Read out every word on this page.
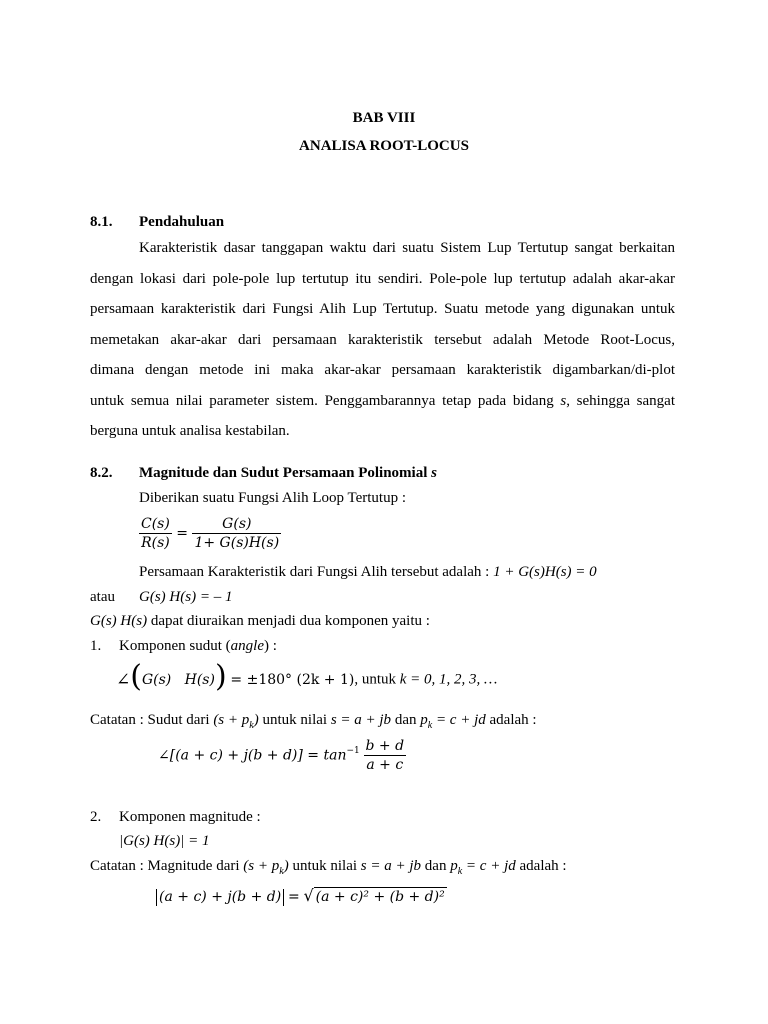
BAB VIII
ANALISA ROOT-LOCUS
8.1. Pendahuluan
Karakteristik dasar tanggapan waktu dari suatu Sistem Lup Tertutup sangat berkaitan
dengan lokasi dari pole-pole lup tertutup itu sendiri. Pole-pole lup tertutup adalah akar-akar
persamaan karakteristik dari Fungsi Alih Lup Tertutup. Suatu metode yang digunakan untuk
memetakan akar-akar dari persamaan karakteristik tersebut adalah Metode Root-Locus,
dimana dengan metode ini maka akar-akar persamaan karakteristik digambarkan/di-plot
untuk semua nilai parameter sistem. Penggambarannya tetap pada bidang s, sehingga sangat
berguna untuk analisa kestabilan.
8.2. Magnitude dan Sudut Persamaan Polinomial s
Diberikan suatu Fungsi Alih Loop Tertutup :
$\frac{C(s)}{R(s)} = \frac{G(s)}{1+ G(s)H(s)}$
Persamaan Karakteristik dari Fungsi Alih tersebut adalah : 1 + G(s)H(s) = 0
atau G(s) H(s) = – 1
G(s) H(s) dapat diuraikan menjadi dua komponen yaitu :
1. Komponen sudut (angle) :
∠(G(s)   H(s)) = ±180° (2k + 1), untuk k = 0, 1, 2, 3, …
Catatan : Sudut dari $(s + p_k)$ untuk nilai s = a + jb dan $p_k = c$ + jd adalah :
∠[(a + $c) + j(b + d)] = \tan^{-1} \frac{b + d}{a + c}$
2. Komponen magnitude :
|G(s) H(s)| = 1
Catatan : Magnitude dari $(s + p_k)$ untuk nilai s = a + jb dan $p_k = c$ + jd adalah :
(a + c) + j(b + d) = √ (a + c)² + (b + d)²
